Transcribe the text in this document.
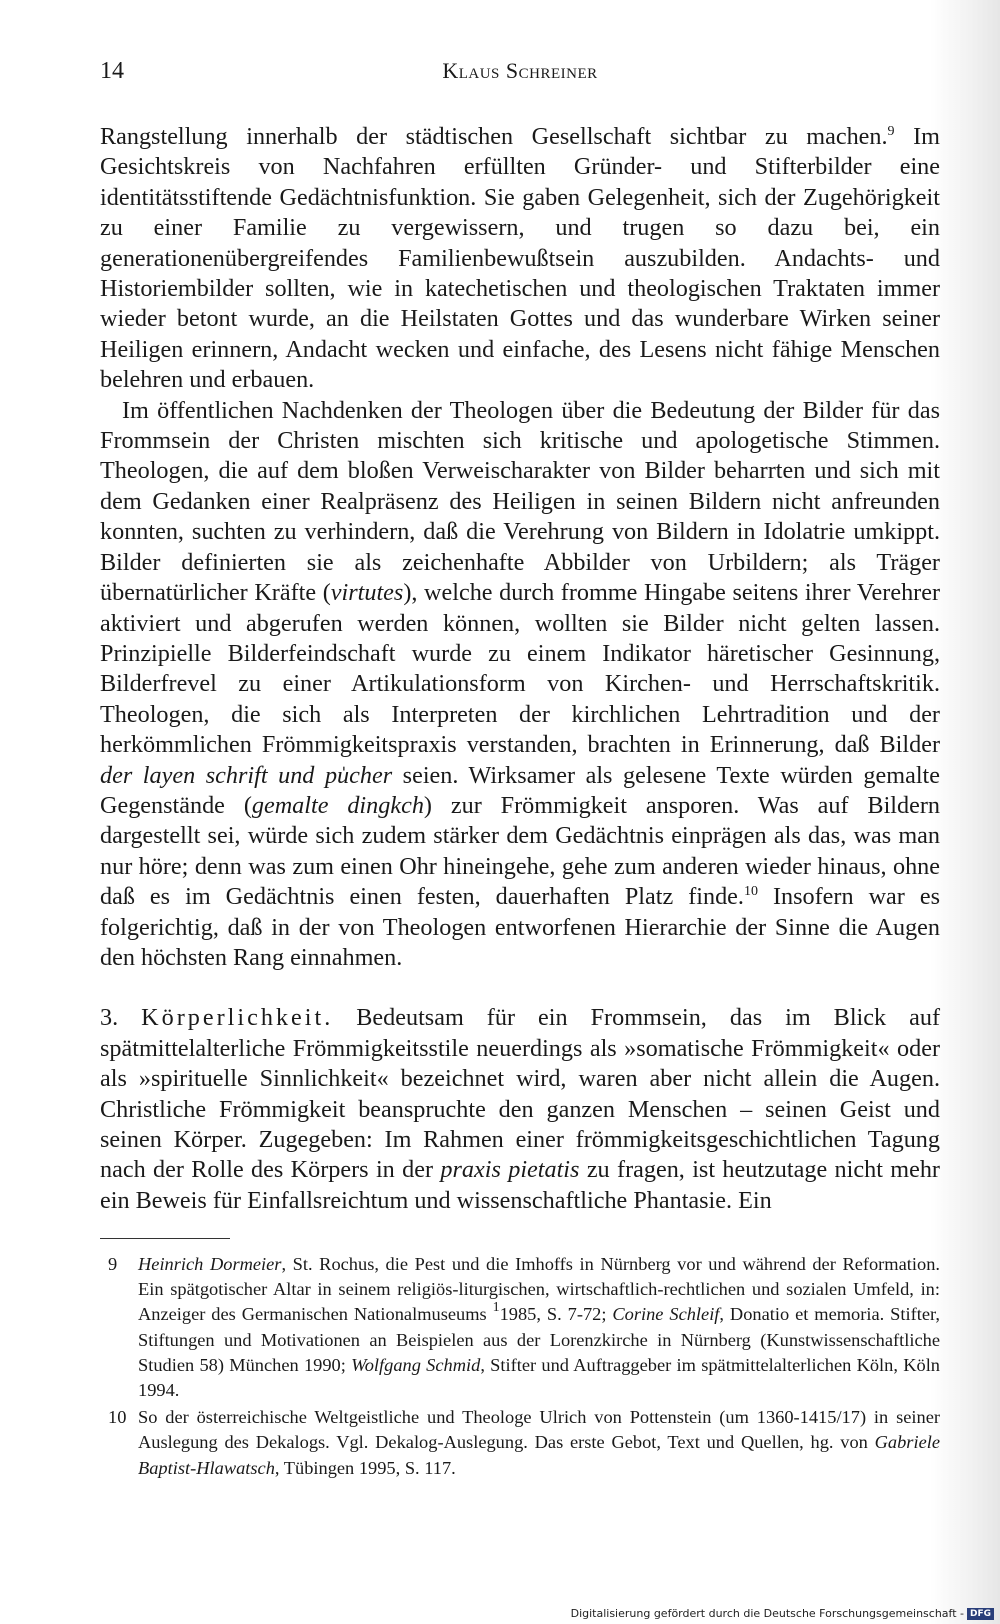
14	Klaus Schreiner

Rangstellung innerhalb der städtischen Gesellschaft sichtbar zu machen.$^9$ Im Gesichtskreis von Nachfahren erfüllten Gründer- und Stifterbilder eine identitätsstiftende Gedächtnisfunktion. Sie gaben Gelegenheit, sich der Zugehörigkeit zu einer Familie zu vergewissern, und trugen so dazu bei, ein generationenübergreifendes Familienbewußtsein auszubilden. Andachts- und Historiembilder sollten, wie in katechetischen und theologischen Traktaten immer wieder betont wurde, an die Heilstaten Gottes und das wunderbare Wirken seiner Heiligen erinnern, Andacht wecken und einfache, des Lesens nicht fähige Menschen belehren und erbauen.

Im öffentlichen Nachdenken der Theologen über die Bedeutung der Bilder für das Frommsein der Christen mischten sich kritische und apologetische Stimmen. Theologen, die auf dem bloßen Verweischarakter von Bilder beharrten und sich mit dem Gedanken einer Realpräsenz des Heiligen in seinen Bildern nicht anfreunden konnten, suchten zu verhindern, daß die Verehrung von Bildern in Idolatrie umkippt. Bilder definierten sie als zeichenhafte Abbilder von Urbildern; als Träger übernatürlicher Kräfte (virtutes), welche durch fromme Hingabe seitens ihrer Verehrer aktiviert und abgerufen werden können, wollten sie Bilder nicht gelten lassen. Prinzipielle Bilderfeindschaft wurde zu einem Indikator häretischer Gesinnung, Bilderfrevel zu einer Artikulationsform von Kirchen- und Herrschaftskritik. Theologen, die sich als Interpreten der kirchlichen Lehrtradition und der herkömmlichen Frömmigkeitspraxis verstanden, brachten in Erinnerung, daß Bilder der layen schrift und pu̍cher seien. Wirksamer als gelesene Texte würden gemalte Gegenstände (gemalte dingkch) zur Frömmigkeit ansporen. Was auf Bildern dargestellt sei, würde sich zudem stärker dem Gedächtnis einprägen als das, was man nur höre; denn was zum einen Ohr hineingehe, gehe zum anderen wieder hinaus, ohne daß es im Gedächtnis einen festen, dauerhaften Platz finde.$^{10}$ Insofern war es folgerichtig, daß in der von Theologen entworfenen Hierarchie der Sinne die Augen den höchsten Rang einnahmen.

3. Körperlichkeit. Bedeutsam für ein Frommsein, das im Blick auf spätmittelalterliche Frömmigkeitsstile neuerdings als »somatische Frömmigkeit« oder als »spirituelle Sinnlichkeit« bezeichnet wird, waren aber nicht allein die Augen. Christliche Frömmigkeit beanspruchte den ganzen Menschen – seinen Geist und seinen Körper. Zugegeben: Im Rahmen einer frömmigkeitsgeschichtlichen Tagung nach der Rolle des Körpers in der praxis pietatis zu fragen, ist heutzutage nicht mehr ein Beweis für Einfallsreichtum und wissenschaftliche Phantasie. Ein

9 Heinrich Dormeier, St. Rochus, die Pest und die Imhoffs in Nürnberg vor und während der Reformation. Ein spätgotischer Altar in seinem religiös-liturgischen, wirtschaftlich-rechtlichen und sozialen Umfeld, in: Anzeiger des Germanischen Nationalmuseums $^1$1985, S. 7-72; Corine Schleif, Donatio et memoria. Stifter, Stiftungen und Motivationen an Beispielen aus der Lorenzkirche in Nürnberg (Kunstwissenschaftliche Studien 58) München 1990; Wolfgang Schmid, Stifter und Auftraggeber im spätmittelalterlichen Köln, Köln 1994.

10 So der österreichische Weltgeistliche und Theologe Ulrich von Pottenstein (um 1360-1415/17) in seiner Auslegung des Dekalogs. Vgl. Dekalog-Auslegung. Das erste Gebot, Text und Quellen, hg. von Gabriele Baptist-Hlawatsch, Tübingen 1995, S. 117.

Digitalisierung gefördert durch die Deutsche Forschungsgemeinschaft - DFG
